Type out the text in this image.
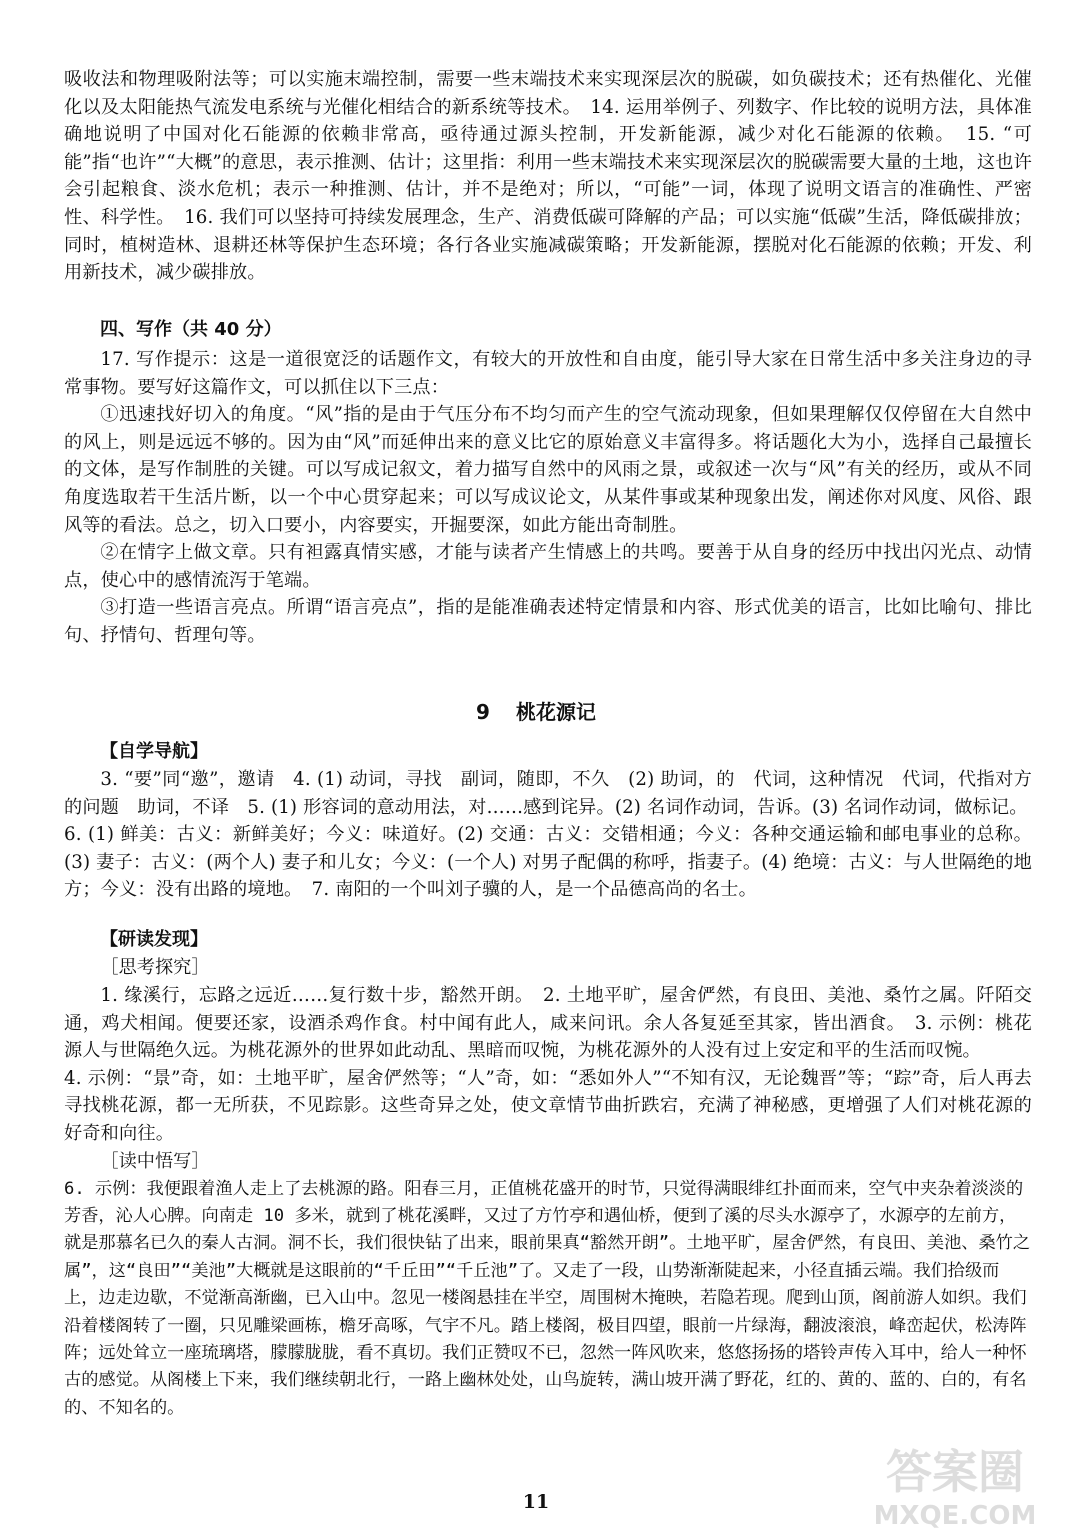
吸收法和物理吸附法等；可以实施末端控制，需要一些末端技术来实现深层次的脱碳，如负碳技术；还有热催化、光催化以及太阳能热气流发电系统与光催化相结合的新系统等技术。　14. 运用举例子、列数字、作比较的说明方法，具体准确地说明了中国对化石能源的依赖非常高，亟待通过源头控制，开发新能源，减少对化石能源的依赖。　15. “可能”指“也许”“大概”的意思，表示推测、估计；这里指：利用一些末端技术来实现深层次的脱碳需要大量的土地，这也许会引起粮食、淡水危机；表示一种推测、估计，并不是绝对；所以，“可能”一词，体现了说明文语言的准确性、严密性、科学性。　16. 我们可以坚持可持续发展理念，生产、消费低碳可降解的产品；可以实施“低碳”生活，降低碳排放；同时，植树造林、退耕还林等保护生态环境；各行各业实施减碳策略；开发新能源，摆脱对化石能源的依赖；开发、利用新技术，减少碳排放。

四、写作（共 40 分）

17. 写作提示：这是一道很宽泛的话题作文，有较大的开放性和自由度，能引导大家在日常生活中多关注身边的寻常事物。要写好这篇作文，可以抓住以下三点：

①迅速找好切入的角度。“风”指的是由于气压分布不均匀而产生的空气流动现象，但如果理解仅仅停留在大自然中的风上，则是远远不够的。因为由“风”而延伸出来的意义比它的原始意义丰富得多。将话题化大为小，选择自己最擅长的文体，是写作制胜的关键。可以写成记叙文，着力描写自然中的风雨之景，或叙述一次与“风”有关的经历，或从不同角度选取若干生活片断，以一个中心贯穿起来；可以写成议论文，从某件事或某种现象出发，阐述你对风度、风俗、跟风等的看法。总之，切入口要小，内容要实，开掘要深，如此方能出奇制胜。

②在情字上做文章。只有袒露真情实感，才能与读者产生情感上的共鸣。要善于从自身的经历中找出闪光点、动情点，使心中的感情流泻于笔端。

③打造一些语言亮点。所谓“语言亮点”，指的是能准确表述特定情景和内容、形式优美的语言，比如比喻句、排比句、抒情句、哲理句等。

9 桃花源记

【自学导航】

3. “要”同“邀”，邀请　4. (1) 动词，寻找　副词，随即，不久　(2) 助词，的　代词，这种情况　代词，代指对方的问题　助词，不译　5. (1) 形容词的意动用法，对……感到诧异。(2) 名词作动词，告诉。(3) 名词作动词，做标记。

6. (1) 鲜美：古义：新鲜美好；今义：味道好。(2) 交通：古义：交错相通；今义：各种交通运输和邮电事业的总称。(3) 妻子：古义：(两个人) 妻子和儿女；今义：(一个人) 对男子配偶的称呼，指妻子。(4) 绝境：古义：与人世隔绝的地方；今义：没有出路的境地。　7. 南阳的一个叫刘子骥的人，是一个品德高尚的名士。

【研读发现】

［思考探究］

1. 缘溪行，忘路之远近……复行数十步，豁然开朗。　2. 土地平旷，屋舍俨然，有良田、美池、桑竹之属。阡陌交通，鸡犬相闻。便要还家，设酒杀鸡作食。村中闻有此人，咸来问讯。余人各复延至其家，皆出酒食。　3. 示例：桃花源人与世隔绝久远。为桃花源外的世界如此动乱、黑暗而叹惋，为桃花源外的人没有过上安定和平的生活而叹惋。

4. 示例：“景”奇，如：土地平旷，屋舍俨然等；“人”奇，如：“悉如外人”“不知有汉，无论魏晋”等；“踪”奇，后人再去寻找桃花源，都一无所获，不见踪影。这些奇异之处，使文章情节曲折跌宕，充满了神秘感，更增强了人们对桃花源的好奇和向往。

［读中悟写］

6. 示例：我便跟着渔人走上了去桃源的路。阳春三月，正值桃花盛开的时节，只觉得满眼绯红扑面而来，空气中夹杂着淡淡的芳香，沁人心脾。向南走 10 多米，就到了桃花溪畔，又过了方竹亭和遇仙桥，便到了溪的尽头水源亭了，水源亭的左前方，就是那慕名已久的秦人古洞。洞不长，我们很快钻了出来，眼前果真“豁然开朗”。土地平旷，屋舍俨然，有良田、美池、桑竹之属”，这“良田”“美池”大概就是这眼前的“千丘田”“千丘池”了。又走了一段，山势渐渐陡起来，小径直插云端。我们拾级而上，边走边歇，不觉渐高渐幽，已入山中。忽见一楼阁悬挂在半空，周围树木掩映，若隐若现。爬到山顶，阁前游人如织。我们沿着楼阁转了一圈，只见雕梁画栋，檐牙高啄，气宇不凡。踏上楼阁，极目四望，眼前一片绿海，翻波滚浪，峰峦起伏，松涛阵阵；远处耸立一座琉璃塔，朦朦胧胧，看不真切。我们正赞叹不已，忽然一阵风吹来，悠悠扬扬的塔铃声传入耳中，给人一种怀古的感觉。从阁楼上下来，我们继续朝北行，一路上幽林处处，山鸟旋转，满山坡开满了野花，红的、黄的、蓝的、白的，有名的、不知名的。

11
答案圈
MXQE.COM
